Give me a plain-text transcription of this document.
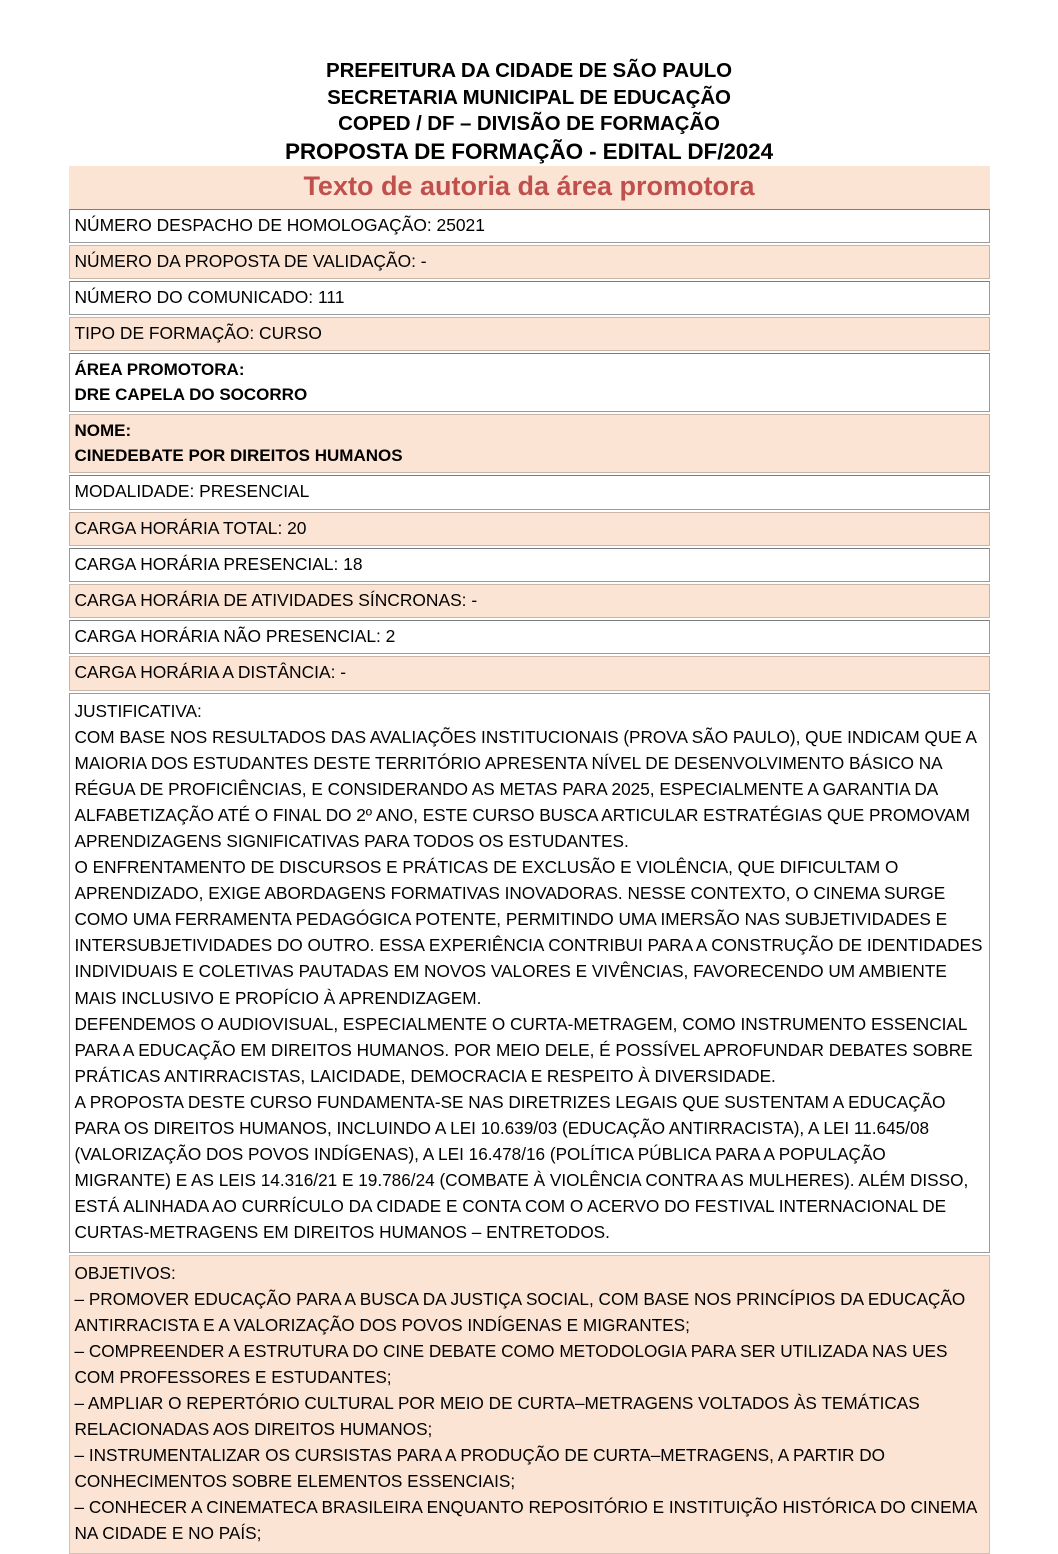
PREFEITURA DA CIDADE DE SÃO PAULO
SECRETARIA MUNICIPAL DE EDUCAÇÃO
COPED / DF – DIVISÃO DE FORMAÇÃO
PROPOSTA DE FORMAÇÃO - EDITAL DF/2024
Texto de autoria da área promotora
NÚMERO DESPACHO DE HOMOLOGAÇÃO: 25021
NÚMERO DA PROPOSTA DE VALIDAÇÃO: -
NÚMERO DO COMUNICADO: 111
TIPO DE FORMAÇÃO: CURSO
ÁREA PROMOTORA:
DRE CAPELA DO SOCORRO
NOME:
CINEDEBATE POR DIREITOS HUMANOS
MODALIDADE: PRESENCIAL
CARGA HORÁRIA TOTAL: 20
CARGA HORÁRIA PRESENCIAL: 18
CARGA HORÁRIA DE ATIVIDADES SÍNCRONAS: -
CARGA HORÁRIA NÃO PRESENCIAL: 2
CARGA HORÁRIA A DISTÂNCIA: -

JUSTIFICATIVA:

COM BASE NOS RESULTADOS DAS AVALIAÇÕES INSTITUCIONAIS (PROVA SÃO PAULO), QUE INDICAM QUE A MAIORIA DOS ESTUDANTES DESTE TERRITÓRIO APRESENTA NÍVEL DE DESENVOLVIMENTO BÁSICO NA RÉGUA DE PROFICIÊNCIAS, E CONSIDERANDO AS METAS PARA 2025, ESPECIALMENTE A GARANTIA DA ALFABETIZAÇÃO ATÉ O FINAL DO 2º ANO, ESTE CURSO BUSCA ARTICULAR ESTRATÉGIAS QUE PROMOVAM APRENDIZAGENS SIGNIFICATIVAS PARA TODOS OS ESTUDANTES.

O ENFRENTAMENTO DE DISCURSOS E PRÁTICAS DE EXCLUSÃO E VIOLÊNCIA, QUE DIFICULTAM O APRENDIZADO, EXIGE ABORDAGENS FORMATIVAS INOVADORAS. NESSE CONTEXTO, O CINEMA SURGE COMO UMA FERRAMENTA PEDAGÓGICA POTENTE, PERMITINDO UMA IMERSÃO NAS SUBJETIVIDADES E INTERSUBJETIVIDADES DO OUTRO. ESSA EXPERIÊNCIA CONTRIBUI PARA A CONSTRUÇÃO DE IDENTIDADES INDIVIDUAIS E COLETIVAS PAUTADAS EM NOVOS VALORES E VIVÊNCIAS, FAVORECENDO UM AMBIENTE MAIS INCLUSIVO E PROPÍCIO À APRENDIZAGEM.

DEFENDEMOS O AUDIOVISUAL, ESPECIALMENTE O CURTA-METRAGEM, COMO INSTRUMENTO ESSENCIAL PARA A EDUCAÇÃO EM DIREITOS HUMANOS. POR MEIO DELE, É POSSÍVEL APROFUNDAR DEBATES SOBRE PRÁTICAS ANTIRRACISTAS, LAICIDADE, DEMOCRACIA E RESPEITO À DIVERSIDADE.

A PROPOSTA DESTE CURSO FUNDAMENTA-SE NAS DIRETRIZES LEGAIS QUE SUSTENTAM A EDUCAÇÃO PARA OS DIREITOS HUMANOS, INCLUINDO A LEI 10.639/03 (EDUCAÇÃO ANTIRRACISTA), A LEI 11.645/08 (VALORIZAÇÃO DOS POVOS INDÍGENAS), A LEI 16.478/16 (POLÍTICA PÚBLICA PARA A POPULAÇÃO MIGRANTE) E AS LEIS 14.316/21 E 19.786/24 (COMBATE À VIOLÊNCIA CONTRA AS MULHERES). ALÉM DISSO, ESTÁ ALINHADA AO CURRÍCULO DA CIDADE E CONTA COM O ACERVO DO FESTIVAL INTERNACIONAL DE CURTAS-METRAGENS EM DIREITOS HUMANOS – ENTRETODOS.

OBJETIVOS:

– PROMOVER EDUCAÇÃO PARA A BUSCA DA JUSTIÇA SOCIAL, COM BASE NOS PRINCÍPIOS DA EDUCAÇÃO ANTIRRACISTA E A VALORIZAÇÃO DOS POVOS INDÍGENAS E MIGRANTES;

– COMPREENDER A ESTRUTURA DO CINE DEBATE COMO METODOLOGIA PARA SER UTILIZADA NAS UES COM PROFESSORES E ESTUDANTES;

– AMPLIAR O REPERTÓRIO CULTURAL POR MEIO DE CURTA–METRAGENS VOLTADOS ÀS TEMÁTICAS RELACIONADAS AOS DIREITOS HUMANOS;

– INSTRUMENTALIZAR OS CURSISTAS PARA A PRODUÇÃO DE CURTA–METRAGENS, A PARTIR DO CONHECIMENTOS SOBRE ELEMENTOS ESSENCIAIS;

– CONHECER A CINEMATECA BRASILEIRA ENQUANTO REPOSITÓRIO E INSTITUIÇÃO HISTÓRICA DO CINEMA NA CIDADE E NO PAÍS;
